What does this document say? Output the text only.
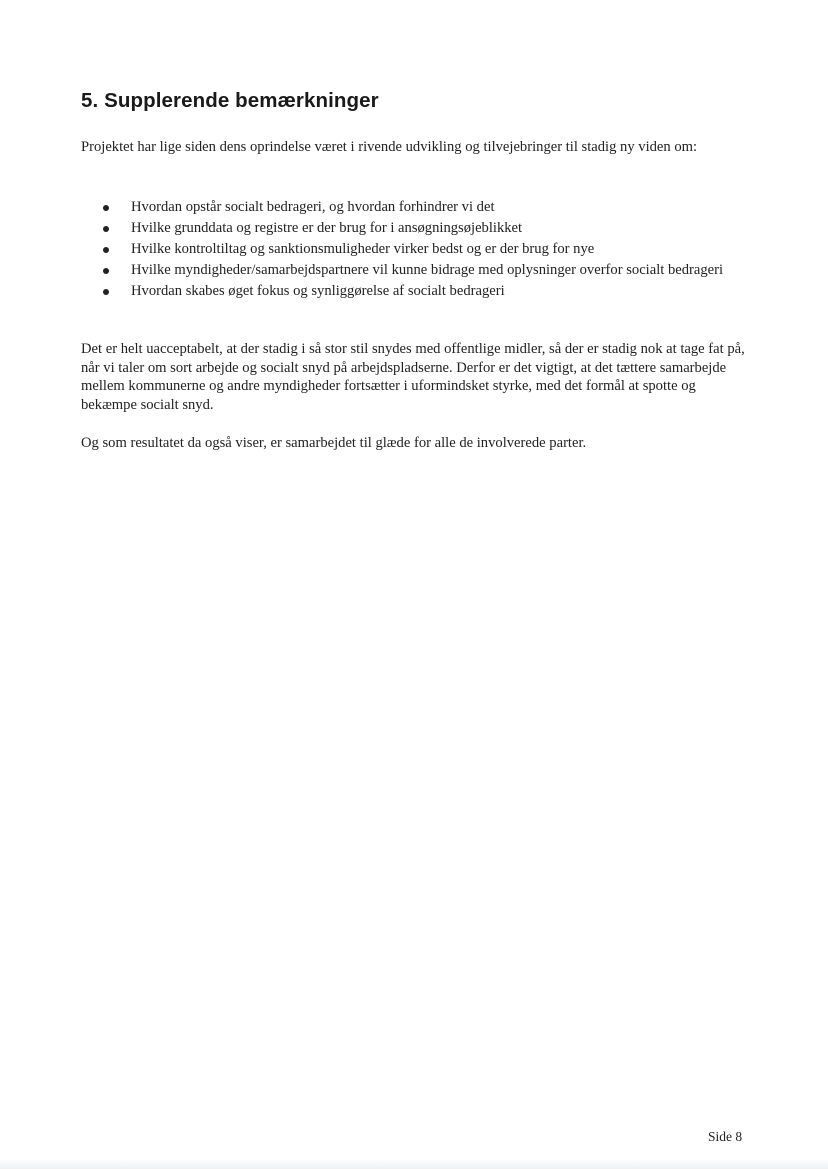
5. Supplerende bemærkninger

Projektet har lige siden dens oprindelse været i rivende udvikling og tilvejebringer til stadig ny viden om:

Hvordan opstår socialt bedrageri, og hvordan forhindrer vi det
Hvilke grunddata og registre er der brug for i ansøgningsøjeblikket
Hvilke kontroltiltag og sanktionsmuligheder virker bedst og er der brug for nye
Hvilke myndigheder/samarbejdspartnere vil kunne bidrage med oplysninger overfor socialt bedrageri
Hvordan skabes øget fokus og synliggørelse af socialt bedrageri

Det er helt uacceptabelt, at der stadig i så stor stil snydes med offentlige midler, så der er stadig nok at tage fat på, når vi taler om sort arbejde og socialt snyd på arbejdspladserne. Derfor er det vigtigt, at det tættere samarbejde mellem kommunerne og andre myndigheder fortsætter i uformindsket styrke, med det formål at spotte og bekæmpe socialt snyd.

Og som resultatet da også viser, er samarbejdet til glæde for alle de involverede parter.

Side 8
